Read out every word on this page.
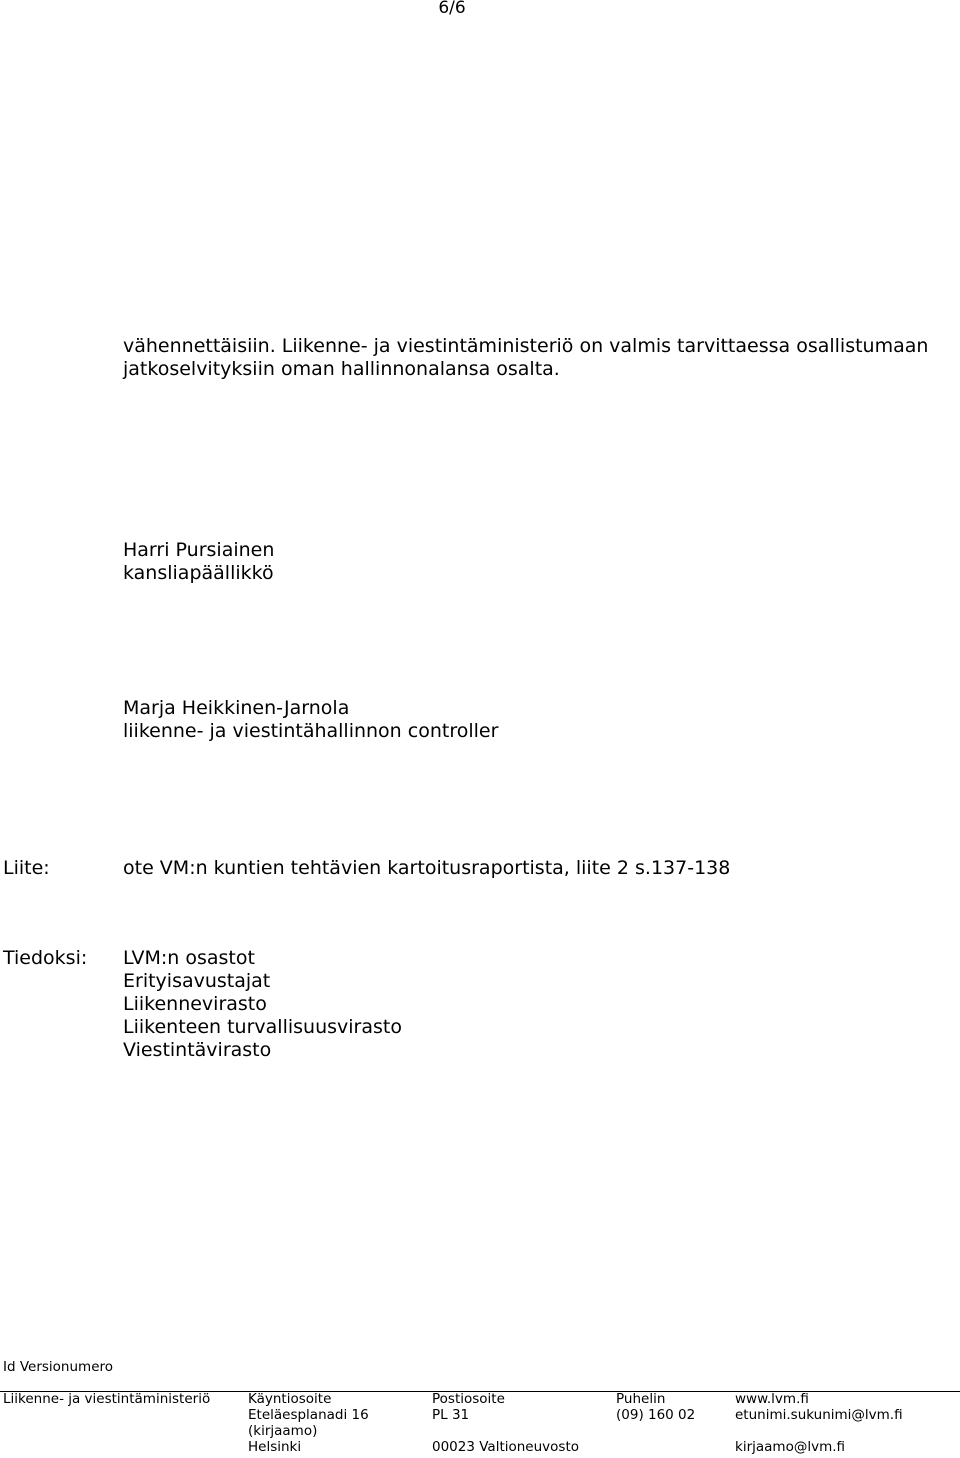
6/6
vähennettäisiin. Liikenne- ja viestintäministeriö on valmis tarvittaessa osallistumaan
jatkoselvityksiin oman hallinnonalansa osalta.
Harri Pursiainen
kansliapäällikkö
Marja Heikkinen-Jarnola
liikenne- ja viestintähallinnon controller
Liite:	ote VM:n kuntien tehtävien kartoitusraportista, liite 2 s.137-138
Tiedoksi: LVM:n osastot
Erityisavustajat
Liikennevirasto
Liikenteen turvallisuusvirasto
Viestintävirasto
Id Versionumero
Liikenne- ja viestintäministeriö	Käyntiosoite
Eteläesplanadi 16
(kirjaamo)
Helsinki
Postiosoite
PL 31
00023 Valtioneuvosto
Puhelin
(09) 160 02
www.lvm.fi
etunimi.sukunimi@lvm.fi
kirjaamo@lvm.fi
